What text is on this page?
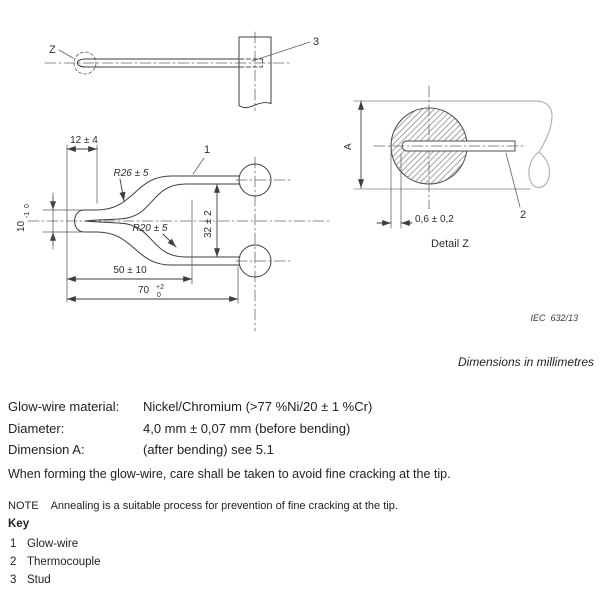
Z
3
12 ± 4
10
-1
0
R26 ± 5
R20 ± 5	32 ± 2
50 ± 10
70 +2
0
1	A
0,6 ± 0,2	2
Detail Z
IEC  632/13
Dimensions in millimetres
Glow-wire material: Nickel/Chromium (>77 %Ni/20 ± 1 %Cr)
Diameter:	4,0 mm ± 0,07 mm (before bending)
Dimension A:	(after bending) see 5.1
When forming the glow-wire, care shall be taken to avoid fine cracking at the tip.
NOTE Annealing is a suitable process for prevention of fine cracking at the tip.
Key
1 Glow-wire
2 Thermocouple
3 Stud
